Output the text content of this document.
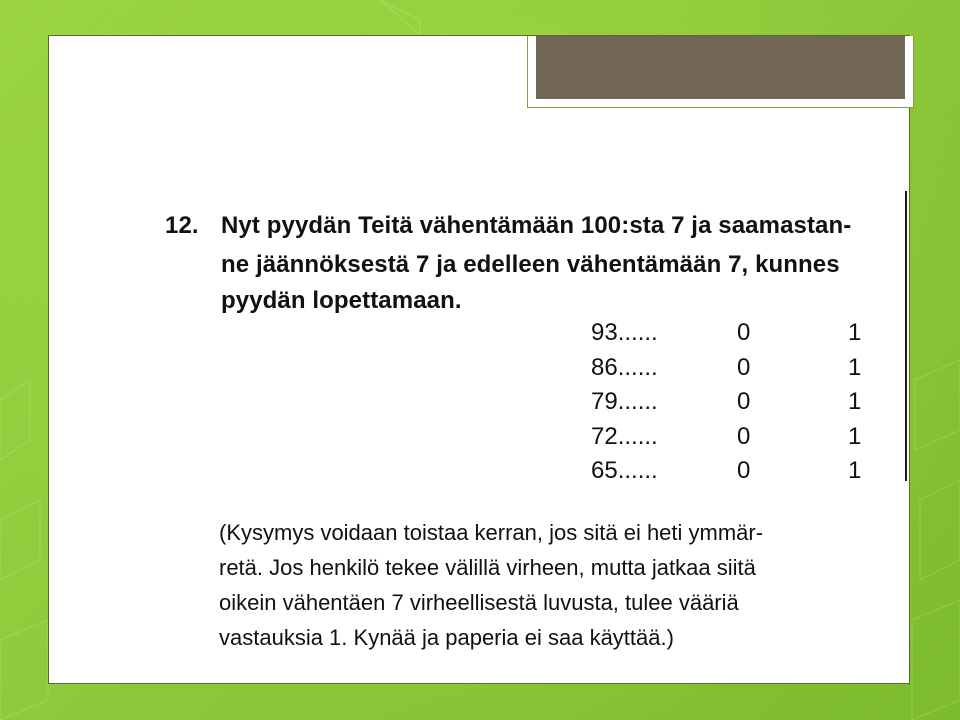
12. Nyt pyydän Teitä vähentämään 100:sta 7 ja saamastan-
ne jäännöksestä 7 ja edelleen vähentämään 7, kunnes
pyydän lopettamaan.
93......	0	1
86......	0	1
79......	0	1
72......	0	1
65......	0	1
(Kysymys voidaan toistaa kerran, jos sitä ei heti ymmär-
retä. Jos henkilö tekee välillä virheen, mutta jatkaa siitä
oikein vähentäen 7 virheellisestä luvusta, tulee vääriä
vastauksia 1. Kynää ja paperia ei saa käyttää.)
